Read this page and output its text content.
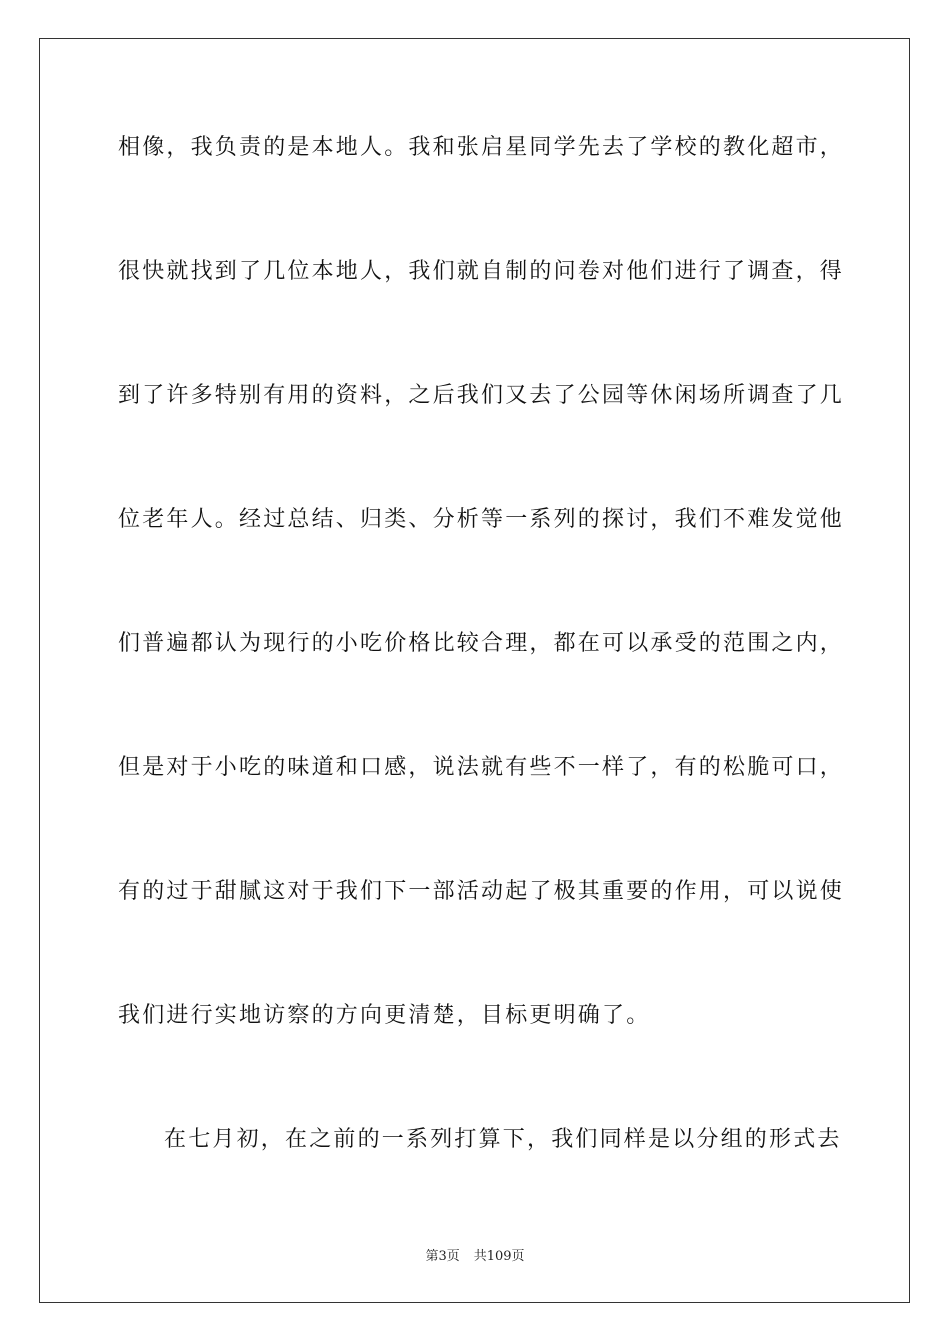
相像，我负责的是本地人。我和张启星同学先去了学校的教化超市，
很快就找到了几位本地人，我们就自制的问卷对他们进行了调查，得
到了许多特别有用的资料，之后我们又去了公园等休闲场所调查了几
位老年人。经过总结、归类、分析等一系列的探讨，我们不难发觉他
们普遍都认为现行的小吃价格比较合理，都在可以承受的范围之内，
但是对于小吃的味道和口感，说法就有些不一样了，有的松脆可口，
有的过于甜腻这对于我们下一部活动起了极其重要的作用，可以说使
我们进行实地访察的方向更清楚，目标更明确了。
在七月初，在之前的一系列打算下，我们同样是以分组的形式去
第3页 共109页
